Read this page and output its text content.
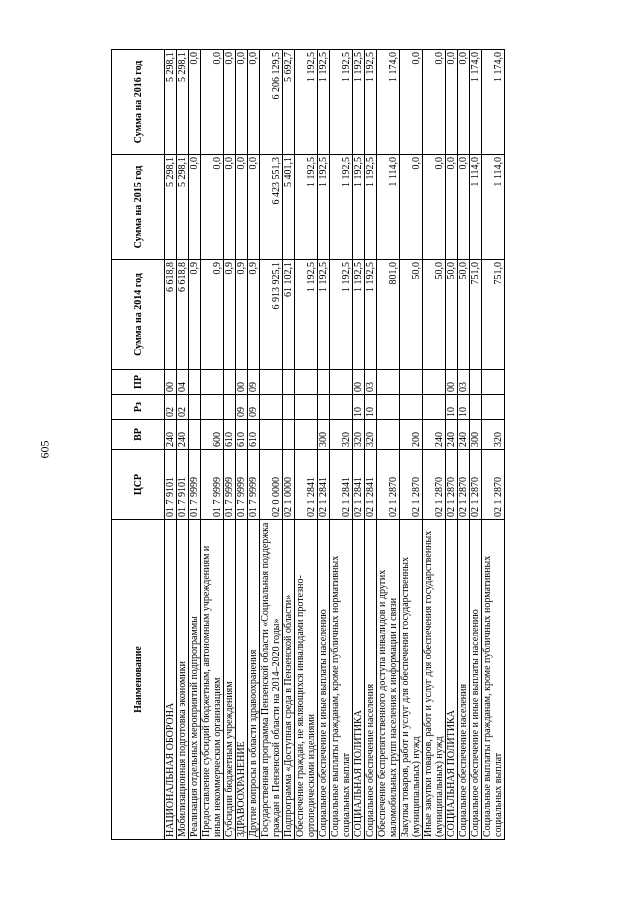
605
Наименование	ЦСР	ВР	Рз	ПР	Сумма на 2014 год	Сумма на 2015 год	Сумма на 2016 год
НАЦИОНАЛЬНАЯ ОБОРОНА	01 7 9101	240	02	00	6 618,8	5 298,1	5 298,1
Мобилизационная подготовка экономики	01 7 9101	240	02	04	6 618,8	5 298,1	5 298,1
Реализация отдельных мероприятий подпрограммы	01 7 9999				0,9	0,0	0,0
Предоставление субсидий бюджетным, автономным учреждениям и иным некоммерческим организациям	01 7 9999	600			0,9	0,0	0,0
Субсидии бюджетным учреждениям	01 7 9999	610			0,9	0,0	0,0
ЗДРАВООХРАНЕНИЕ	01 7 9999	610	09	00	0,9	0,0	0,0
Другие вопросы в области здравоохранения	01 7 9999	610	09	09	0,9	0,0	0,0
Государственная программа Пензенской области «Социальная поддержка граждан в Пензенской области на 2014–2020 годы»	02 0 0000				6 913 925,1	6 423 551,3	6 206 129,5
Подпрограмма «Доступная среда в Пензенской области»	02 1 0000				61 102,1	5 401,1	5 692,7
Обеспечение граждан, не являющихся инвалидами протезно-ортопедическими изделиями	02 1 2841				1 192,5	1 192,5	1 192,5
Социальное обеспечение и иные выплаты населению	02 1 2841	300			1 192,5	1 192,5	1 192,5
Социальные выплаты гражданам, кроме публичных нормативных социальных выплат	02 1 2841	320			1 192,5	1 192,5	1 192,5
СОЦИАЛЬНАЯ ПОЛИТИКА	02 1 2841	320	10	00	1 192,5	1 192,5	1 192,5
Социальное обеспечение населения	02 1 2841	320	10	03	1 192,5	1 192,5	1 192,5
Обеспечение беспрепятственного доступа инвалидов и других маломобильных групп населения к информации и связи	02 1 2870				801,0	1 114,0	1 174,0
Закупка товаров, работ и услуг для обеспечения государственных (муниципальных) нужд	02 1 2870	200			50,0	0,0	0,0
Иные закупки товаров, работ и услуг для обеспечения государственных (муниципальных) нужд	02 1 2870	240			50,0	0,0	0,0
СОЦИАЛЬНАЯ ПОЛИТИКА	02 1 2870	240	10	00	50,0	0,0	0,0
Социальное обеспечение населения	02 1 2870	240	10	03	50,0	0,0	0,0
Социальное обеспечение и иные выплаты населению	02 1 2870	300			751,0	1 114,0	1 174,0
Социальные выплаты гражданам, кроме публичных нормативных социальных выплат	02 1 2870	320			751,0	1 114,0	1 174,0
